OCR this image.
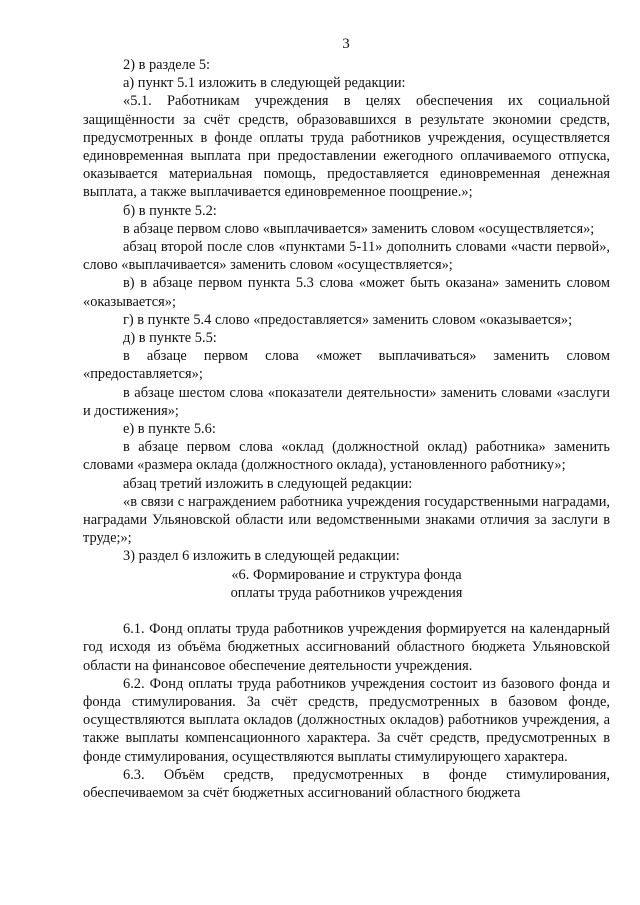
3

2) в разделе 5:

а) пункт 5.1 изложить в следующей редакции:

«5.1. Работникам учреждения в целях обеспечения их социальной защищённости за счёт средств, образовавшихся в результате экономии средств, предусмотренных в фонде оплаты труда работников учреждения, осуществляется единовременная выплата при предоставлении ежегодного оплачиваемого отпуска, оказывается материальная помощь, предоставляется единовременная денежная выплата, а также выплачивается единовременное поощрение.»;

б) в пункте 5.2:

в абзаце первом слово «выплачивается» заменить словом «осуществляется»;

абзац второй после слов «пунктами 5-11» дополнить словами «части первой», слово «выплачивается» заменить словом «осуществляется»;

в) в абзаце первом пункта 5.3 слова «может быть оказана» заменить словом «оказывается»;

г) в пункте 5.4 слово «предоставляется» заменить словом «оказывается»;

д) в пункте 5.5:

в абзаце первом слова «может выплачиваться» заменить словом «предоставляется»;

в абзаце шестом слова «показатели деятельности» заменить словами «заслуги и достижения»;

е) в пункте 5.6:

в абзаце первом слова «оклад (должностной оклад) работника» заменить словами «размера оклада (должностного оклада), установленного работнику»;

абзац третий изложить в следующей редакции:

«в связи с награждением работника учреждения государственными наградами, наградами Ульяновской области или ведомственными знаками отличия за заслуги в труде;»;

3) раздел 6 изложить в следующей редакции:

«6. Формирование и структура фонда

оплаты труда работников учреждения

6.1. Фонд оплаты труда работников учреждения формируется на календарный год исходя из объёма бюджетных ассигнований областного бюджета Ульяновской области на финансовое обеспечение деятельности учреждения.

6.2. Фонд оплаты труда работников учреждения состоит из базового фонда и фонда стимулирования. За счёт средств, предусмотренных в базовом фонде, осуществляются выплата окладов (должностных окладов) работников учреждения, а также выплаты компенсационного характера. За счёт средств, предусмотренных в фонде стимулирования, осуществляются выплаты стимулирующего характера.

6.3. Объём средств, предусмотренных в фонде стимулирования, обеспечиваемом за счёт бюджетных ассигнований областного бюджета
